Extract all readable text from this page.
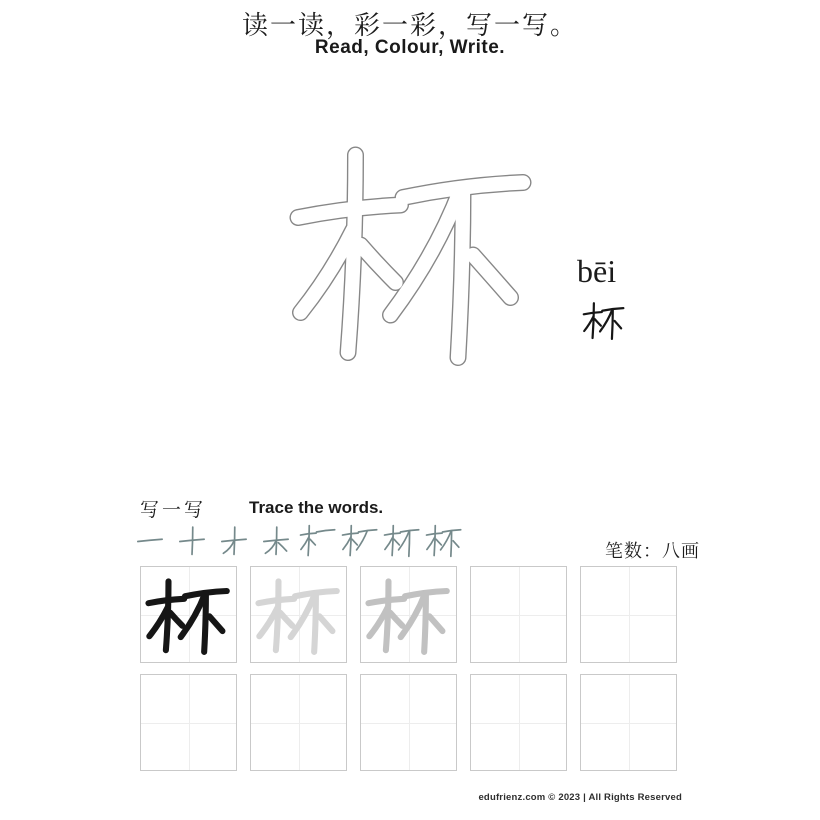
读一读，彩一彩，写一写。
Read, Colour, Write.
bēi
写一写	Trace the words.
笔数：八画
edufrienz.com © 2023 | All Rights Reserved
